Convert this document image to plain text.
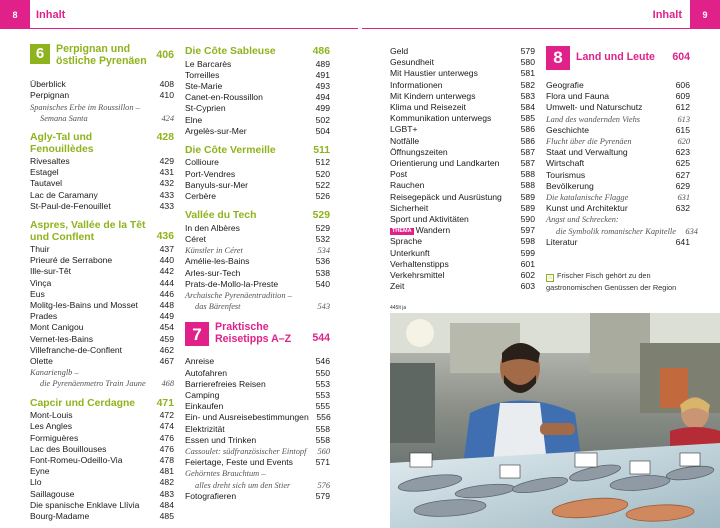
8	Inhalt	Inhalt	9
6	Perpignan und
östliche Pyrenäen 406
Überblick	408
Perpignan	410
Spanisches Erbe im Roussillon –
Semana Santa	424
Agly-Tal und Fenouillèdes
428
Rivesaltes	429
Estagel	431
Tautavel	432
Lac de Caramany	433
St-Paul-de-Fenouillet	433
Aspres, Vallée de la Têt
und Conflent	436
Thuir	437
Prieuré de Serrabone	440
Ille-sur-Têt	442
Vinça	444
Eus	446
Molitg-les-Bains und Mosset	448
Prades	449
Mont Canigou	454
Vernet-les-Bains	459
Villefranche-de-Conflent	462
Olette	467
Kanarienglb –
die Pyrenäenmetro Train Jaune	468
Capcir und Cerdagne 471
Mont-Louis	472
Les Angles	474
Formiguères	476
Lac des Bouillouses	476
Font-Romeu-Odeillo-Via	478
Eyne	481
Llo	482
Saillagouse	483
Die spanische Enklave Llívia	484
Bourg-Madame	485
Die Côte Sableuse	486
Le Barcarès	489
Torreilles	491
Ste-Marie	493
Canet-en-Roussillon	494
St-Cyprien	499
Elne	502
Argelès-sur-Mer	504
Die Côte Vermeille	511
Collioure	512
Port-Vendres	520
Banyuls-sur-Mer	522
Cerbère	526
Vallée du Tech	529
In den Albères	529
Céret	532
Künstler in Céret	534
Amélie-les-Bains	536
Arles-sur-Tech	538
Prats-de-Mollo-la-Preste	540
Archaische Pyrenäentradition –
das Bärenfest	543
7	Praktische
Reisetipps A–Z	544
Anreise	546
Autofahren	550
Barrierefreies Reisen	553
Camping	553
Einkaufen	555
Ein- und Ausreisebestimmungen 556
Elektrizität	558
Essen und Trinken	558
Cassoulet: südfranzösischer Eintopf	560
Feiertage, Feste und Events	571
Gehörntes Brauchtum –
alles dreht sich um den Stier	576
Fotografieren	579
Geld	579
Gesundheit	580
Mit Haustier unterwegs	581
Informationen	582
Mit Kindern unterwegs	583
Klima und Reisezeit	584
Kommunikation unterwegs	585
LGBT+	586
Notfälle	586
Öffnungszeiten	587
Orientierung und Landkarten	587
Post	588
Rauchen	588
Reisegepäck und Ausrüstung	589
Sicherheit	589
Sport und Aktivitäten	590
THEMA Wandern	597
Sprache	598
Unterkunft	599
Verhaltenstipps	601
Verkehrsmittel	602
Zeit	603
8	Land und Leute	604
Geografie	606
Flora und Fauna	609
Umwelt- und Naturschutz	612
Land des wandernden Viehs	613
Geschichte	615
Flucht über die Pyrenäen	620
Staat und Verwaltung	623
Wirtschaft	625
Tourismus	627
Bevölkerung	629
Die katalanische Flagge	631
Kunst und Architektur	632
Angst und Schrecken:
die Symbolik romanischer Kapitelle	634
Literatur	641
⌂ Frischer Fisch gehört zu den
gastronomischen Genüssen der Region
445lt ja
